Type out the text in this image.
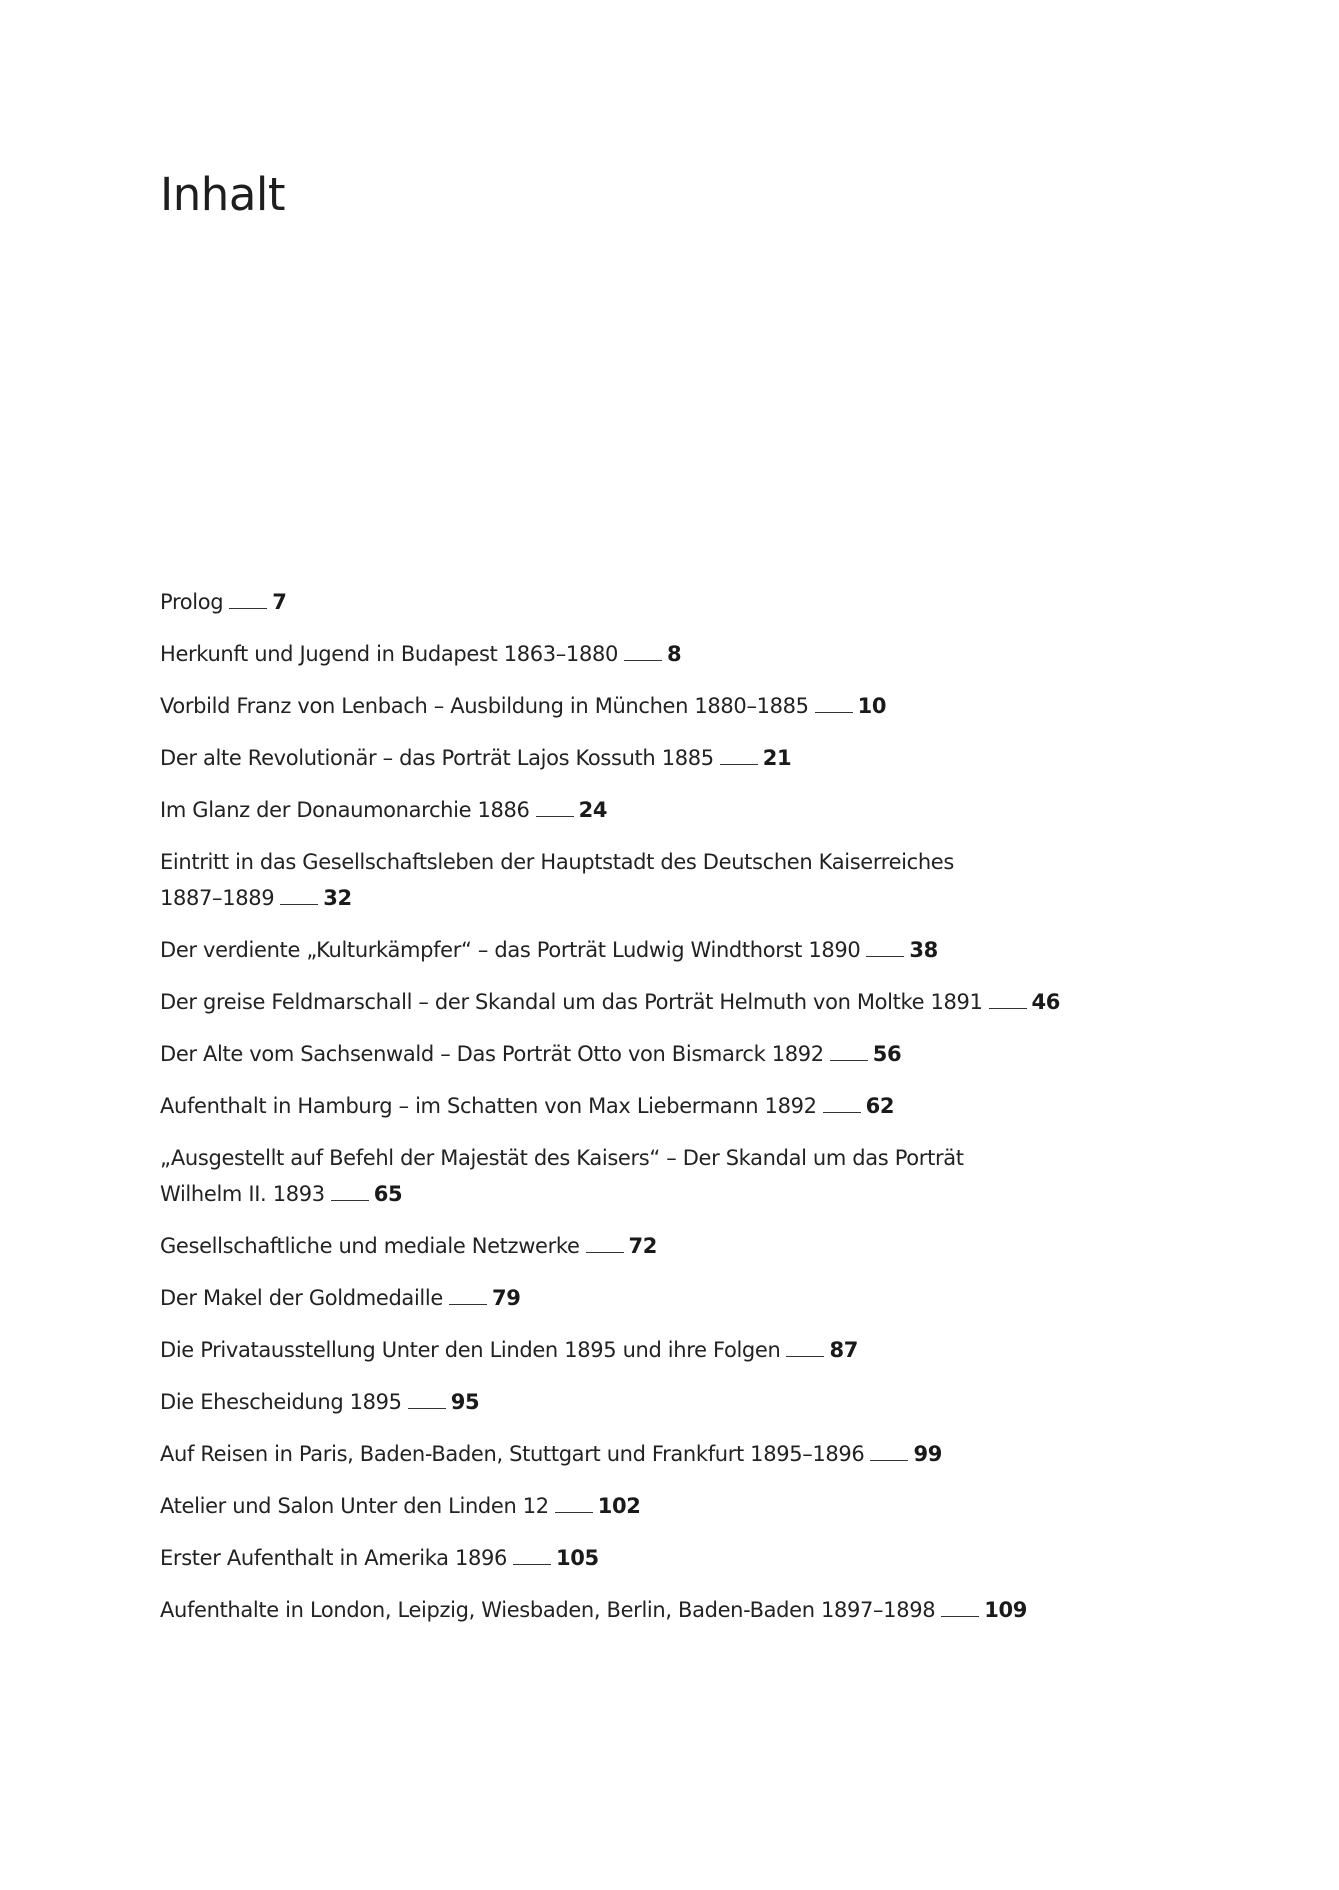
Inhalt
Prolog 7
Herkunft und Jugend in Budapest 1863–1880 8
Vorbild Franz von Lenbach – Ausbildung in München 1880–1885 10
Der alte Revolutionär – das Porträt Lajos Kossuth 1885 21
Im Glanz der Donaumonarchie 1886 24
Eintritt in das Gesellschaftsleben der Hauptstadt des Deutschen Kaiserreiches
1887–1889 32
Der verdiente „Kulturkämpfer“ – das Porträt Ludwig Windthorst 1890 38
Der greise Feldmarschall – der Skandal um das Porträt Helmuth von Moltke 1891 46
Der Alte vom Sachsenwald – Das Porträt Otto von Bismarck 1892 56
Aufenthalt in Hamburg – im Schatten von Max Liebermann 1892 62
„Ausgestellt auf Befehl der Majestät des Kaisers“ – Der Skandal um das Porträt
Wilhelm II. 1893 65
Gesellschaftliche und mediale Netzwerke 72
Der Makel der Goldmedaille 79
Die Privatausstellung Unter den Linden 1895 und ihre Folgen 87
Die Ehescheidung 1895 95
Auf Reisen in Paris, Baden-Baden, Stuttgart und Frankfurt 1895–1896 99
Atelier und Salon Unter den Linden 12 102
Erster Aufenthalt in Amerika 1896 105
Aufenthalte in London, Leipzig, Wiesbaden, Berlin, Baden-Baden 1897–1898 109
